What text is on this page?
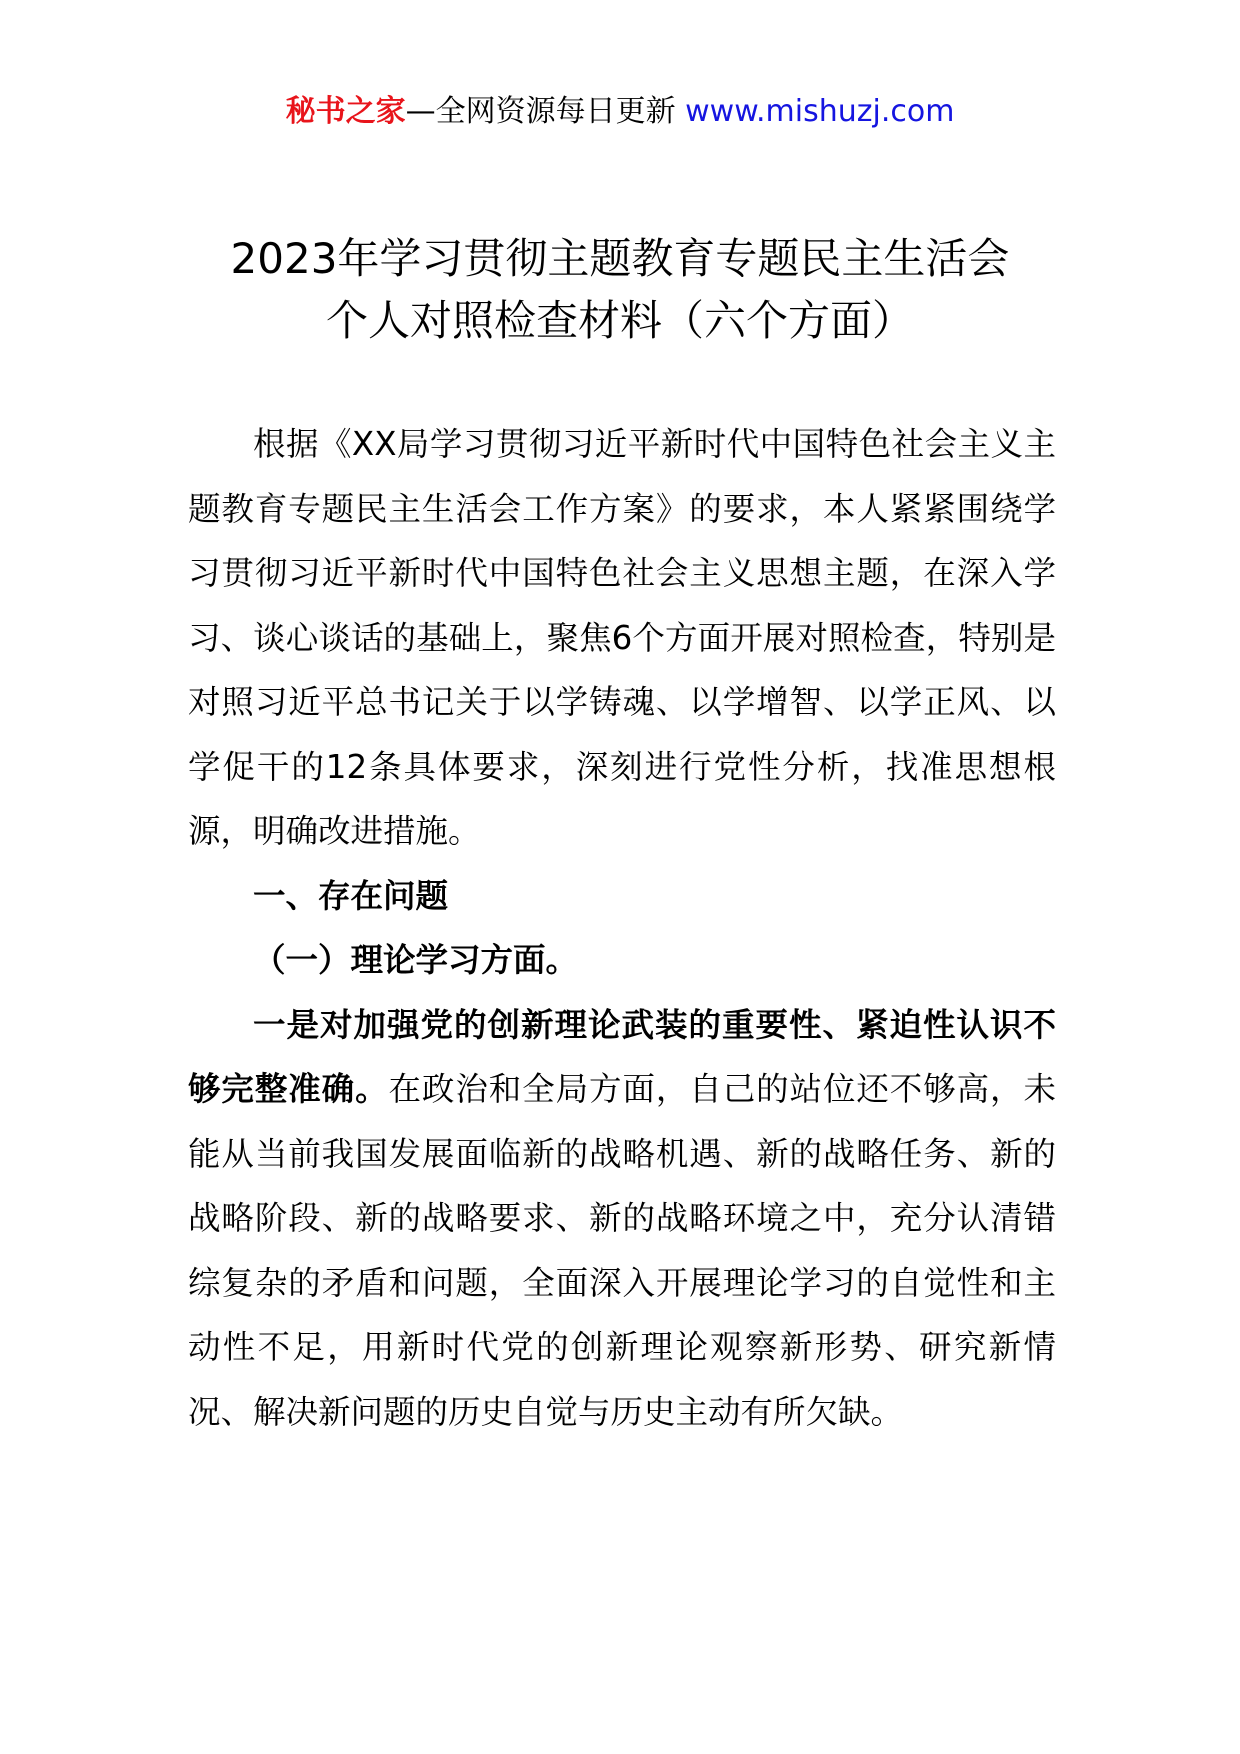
秘书之家—全网资源每日更新 www.mishuzj.com
2023年学习贯彻主题教育专题民主生活会
个人对照检查材料（六个方面）

根据《XX局学习贯彻习近平新时代中国特色社会主义主题教育专题民主生活会工作方案》的要求，本人紧紧围绕学习贯彻习近平新时代中国特色社会主义思想主题，在深入学习、谈心谈话的基础上，聚焦6个方面开展对照检查，特别是对照习近平总书记关于以学铸魂、以学增智、以学正风、以学促干的12条具体要求，深刻进行党性分析，找准思想根源，明确改进措施。

一、存在问题

（一）理论学习方面。

一是对加强党的创新理论武装的重要性、紧迫性认识不够完整准确。在政治和全局方面，自己的站位还不够高，未能从当前我国发展面临新的战略机遇、新的战略任务、新的战略阶段、新的战略要求、新的战略环境之中，充分认清错综复杂的矛盾和问题，全面深入开展理论学习的自觉性和主动性不足，用新时代党的创新理论观察新形势、研究新情况、解决新问题的历史自觉与历史主动有所欠缺。
